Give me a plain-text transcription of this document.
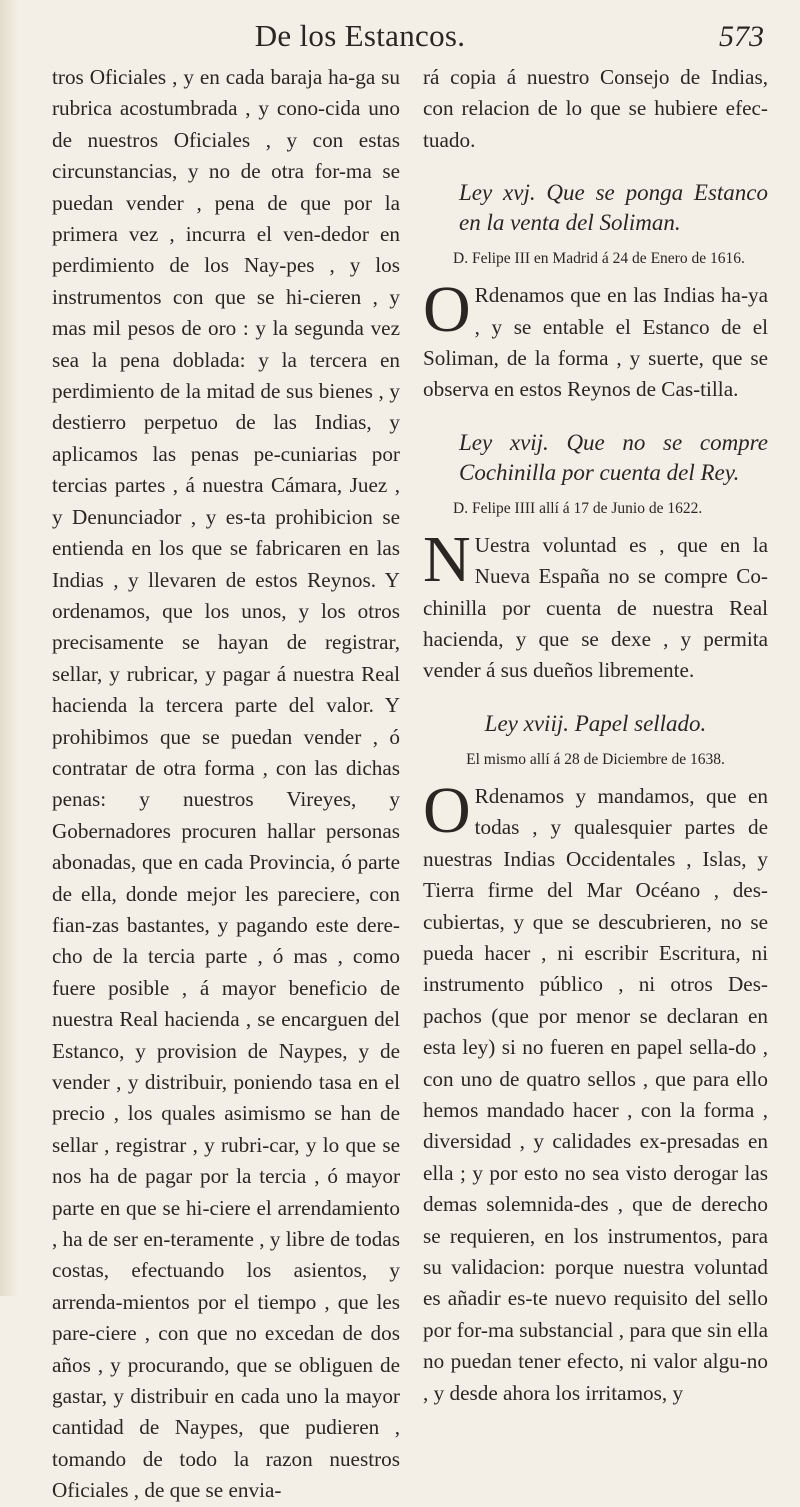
De los Estancos.	573

tros Oficiales , y en cada baraja ha-ga su rubrica acostumbrada , y cono-cida uno de nuestros Oficiales , y con estas circunstancias, y no de otra for-ma se puedan vender , pena de que por la primera vez , incurra el ven-dedor en perdimiento de los Nay-pes , y los instrumentos con que se hi-cieren , y mas mil pesos de oro : y la segunda vez sea la pena doblada: y la tercera en perdimiento de la mitad de sus bienes , y destierro perpetuo de las Indias, y aplicamos las penas pe-cuniarias por tercias partes , á nuestra Cámara, Juez , y Denunciador , y es-ta prohibicion se entienda en los que se fabricaren en las Indias , y llevaren de estos Reynos. Y ordenamos, que los unos, y los otros precisamente se hayan de registrar, sellar, y rubricar, y pagar á nuestra Real hacienda la tercera parte del valor. Y prohibimos que se puedan vender , ó contratar de otra forma , con las dichas penas: y nuestros Vireyes, y Gobernadores procuren hallar personas abonadas, que en cada Provincia, ó parte de ella, donde mejor les pareciere, con fian-zas bastantes, y pagando este dere-cho de la tercia parte , ó mas , como fuere posible , á mayor beneficio de nuestra Real hacienda , se encarguen del Estanco, y provision de Naypes, y de vender , y distribuir, poniendo tasa en el precio , los quales asimismo se han de sellar , registrar , y rubri-car, y lo que se nos ha de pagar por la tercia , ó mayor parte en que se hi-ciere el arrendamiento , ha de ser en-teramente , y libre de todas costas, efectuando los asientos, y arrenda-mientos por el tiempo , que les pare-ciere , con que no excedan de dos años , y procurando, que se obliguen de gastar, y distribuir en cada uno la mayor cantidad de Naypes, que pudieren , tomando de todo la razon nuestros Oficiales , de que se envia-

rá copia á nuestro Consejo de Indias, con relacion de lo que se hubiere efec-tuado.

Ley xvj. Que se ponga Estanco en la venta del Soliman.
D. Felipe III en Madrid á 24 de Enero de 1616.

O Rdenamos que en las Indias ha-ya , y se entable el Estanco de el Soliman, de la forma , y suerte, que se observa en estos Reynos de Cas-tilla.

Ley xvij. Que no se compre Cochinilla por cuenta del Rey.
D. Felipe IIII allí á 17 de Junio de 1622.

N Uestra voluntad es , que en la Nueva España no se compre Co-chinilla por cuenta de nuestra Real hacienda, y que se dexe , y permita vender á sus dueños libremente.

Ley xviij. Papel sellado.
El mismo allí á 28 de Diciembre de 1638.

O Rdenamos y mandamos, que en todas , y qualesquier partes de nuestras Indias Occidentales , Islas, y Tierra firme del Mar Océano , des-cubiertas, y que se descubrieren, no se pueda hacer , ni escribir Escritura, ni instrumento público , ni otros Des-pachos (que por menor se declaran en esta ley) si no fueren en papel sella-do , con uno de quatro sellos , que para ello hemos mandado hacer , con la forma , diversidad , y calidades ex-presadas en ella ; y por esto no sea visto derogar las demas solemnida-des , que de derecho se requieren, en los instrumentos, para su validacion: porque nuestra voluntad es añadir es-te nuevo requisito del sello por for-ma substancial , para que sin ella no puedan tener efecto, ni valor algu-no , y desde ahora los irritamos, y
